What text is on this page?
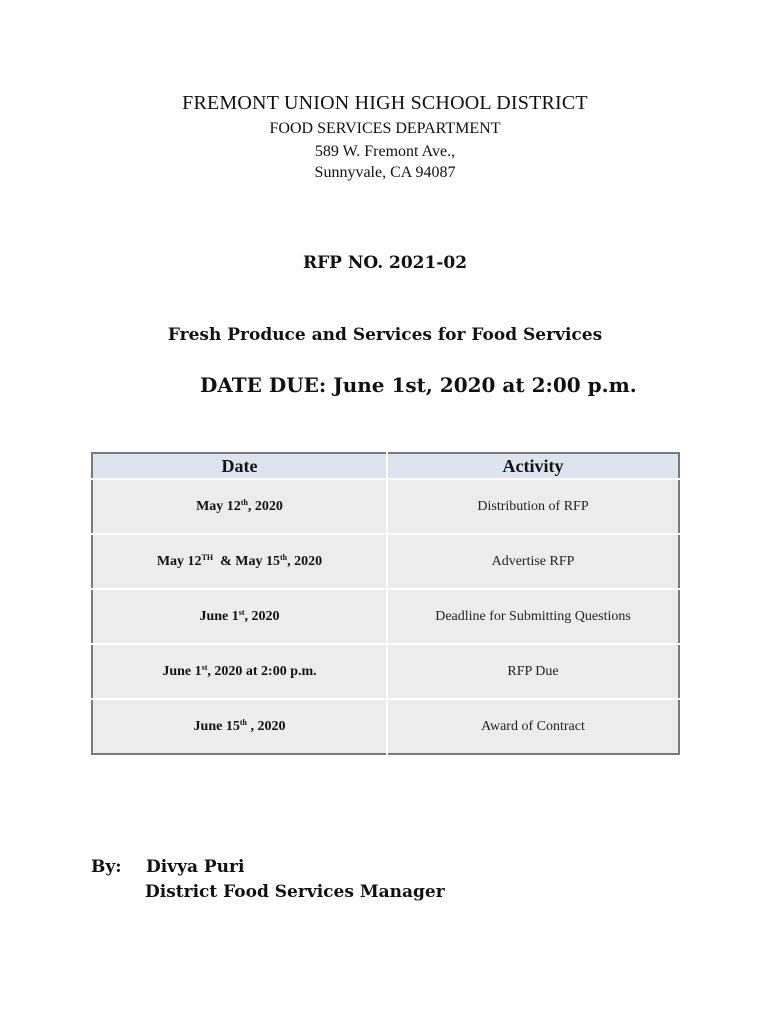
FREMONT UNION HIGH SCHOOL DISTRICT
FOOD SERVICES DEPARTMENT
589 W. Fremont Ave.,
Sunnyvale, CA 94087
RFP NO. 2021-02
Fresh Produce and Services for Food Services
DATE DUE: June 1st, 2020 at 2:00 p.m.
Date	Activity
May 12th, 2020	Distribution of RFP
May 12TH  & May 15th, 2020	Advertise RFP
June 1st, 2020	Deadline for Submitting Questions
June 1st, 2020 at 2:00 p.m.	RFP Due
June 15th , 2020	Award of Contract
By: Divya Puri
District Food Services Manager
